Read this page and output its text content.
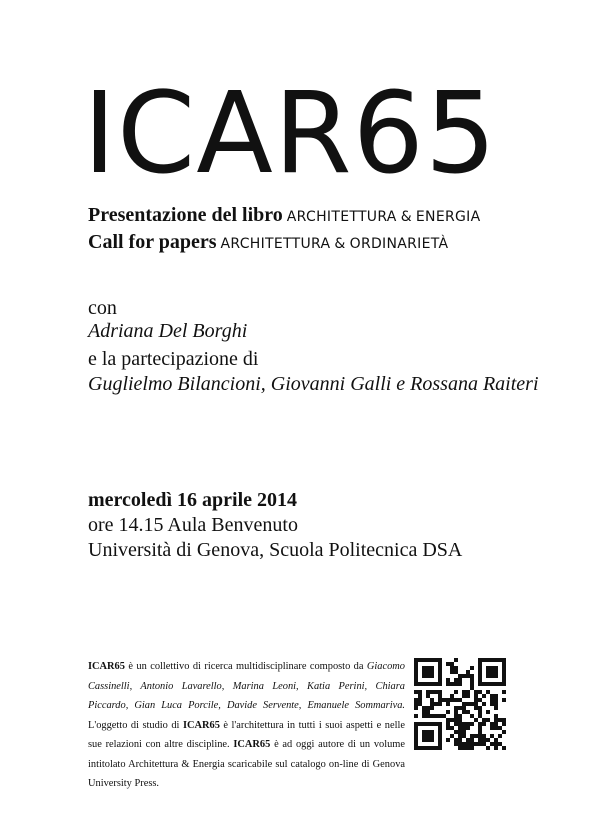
ICAR65
Presentazione del libro ARCHITETTURA & ENERGIA
Call for papers ARCHITETTURA & ORDINARIETÀ
con
Adriana Del Borghi
e la partecipazione di
Guglielmo Bilancioni, Giovanni Galli e Rossana Raiteri
mercoledì 16 aprile 2014
ore 14.15 Aula Benvenuto
Università di Genova, Scuola Politecnica DSA
ICAR65 è un collettivo di ricerca multidisciplinare composto da Giacomo Cassinelli, Antonio Lavarello, Marina Leoni, Katia Perini, Chiara Piccardo, Gian Luca Porcile, Davide Servente, Emanuele Sommariva. L'oggetto di studio di ICAR65 è l'architettura in tutti i suoi aspetti e nelle sue relazioni con altre discipline. ICAR65 è ad oggi autore di un volume intitolato Architettura & Energia scaricabile sul catalogo on-line di Genova University Press.
